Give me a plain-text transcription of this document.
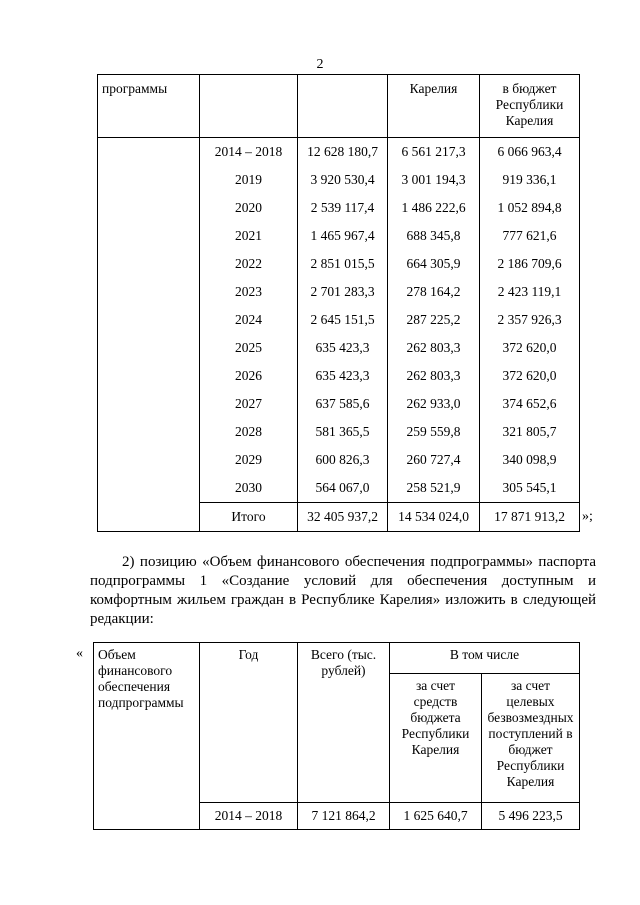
2
программы			Карелия	в бюджет Республики Карелия
	2014 – 2018	12 628 180,7	6 561 217,3	6 066 963,4
	2019	3 920 530,4	3 001 194,3	919 336,1
	2020	2 539 117,4	1 486 222,6	1 052 894,8
	2021	1 465 967,4	688 345,8	777 621,6
	2022	2 851 015,5	664 305,9	2 186 709,6
	2023	2 701 283,3	278 164,2	2 423 119,1
	2024	2 645 151,5	287 225,2	2 357 926,3
	2025	635 423,3	262 803,3	372 620,0
	2026	635 423,3	262 803,3	372 620,0
	2027	637 585,6	262 933,0	374 652,6
	2028	581 365,5	259 559,8	321 805,7
	2029	600 826,3	260 727,4	340 098,9
	2030	564 067,0	258 521,9	305 545,1
	Итого	32 405 937,2	14 534 024,0	17 871 913,2 »;
2) позицию «Объем финансового обеспечения подпрограммы» паспорта подпрограммы 1 «Создание условий для обеспечения доступным и комфортным жильем граждан в Республике Карелия» изложить в следующей редакции:
« Объем финансового обеспечения подпрограммы	Год	Всего (тыс. рублей)	В том числе	
			за счет средств бюджета Республики Карелия	за счет целевых безвозмездных поступлений в бюджет Республики Карелия
	2014 – 2018	7 121 864,2	1 625 640,7	5 496 223,5
